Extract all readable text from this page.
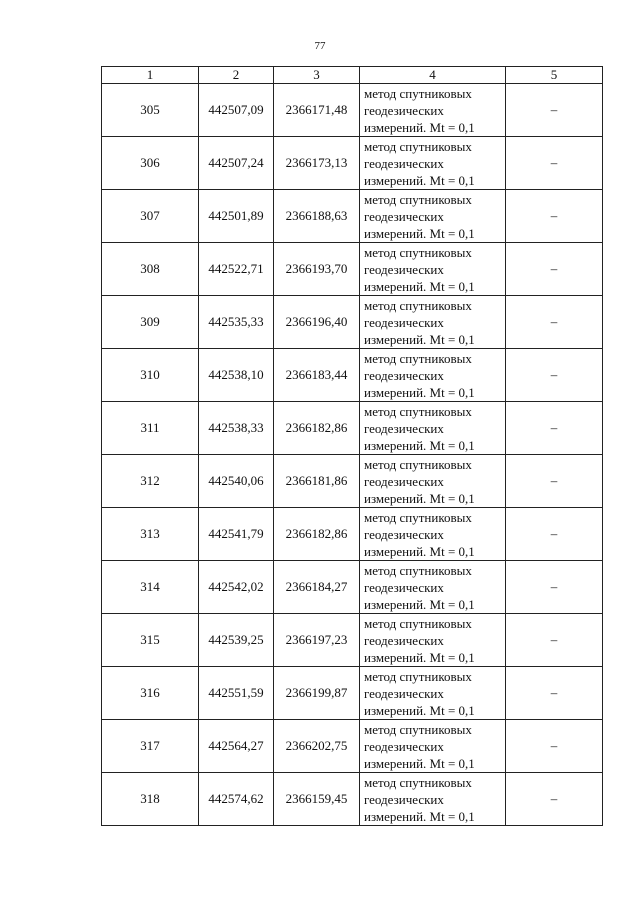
77
1	2	3	4	5
305	442507,09	2366171,48	метод спутниковых
геодезических
измерений. Mt = 0,1	–
306	442507,24	2366173,13	метод спутниковых
геодезических
измерений. Mt = 0,1	–
307	442501,89	2366188,63	метод спутниковых
геодезических
измерений. Mt = 0,1	–
308	442522,71	2366193,70	метод спутниковых
геодезических
измерений. Mt = 0,1	–
309	442535,33	2366196,40	метод спутниковых
геодезических
измерений. Mt = 0,1	–
310	442538,10	2366183,44	метод спутниковых
геодезических
измерений. Mt = 0,1	–
311	442538,33	2366182,86	метод спутниковых
геодезических
измерений. Mt = 0,1	–
312	442540,06	2366181,86	метод спутниковых
геодезических
измерений. Mt = 0,1	–
313	442541,79	2366182,86	метод спутниковых
геодезических
измерений. Mt = 0,1	–
314	442542,02	2366184,27	метод спутниковых
геодезических
измерений. Mt = 0,1	–
315	442539,25	2366197,23	метод спутниковых
геодезических
измерений. Mt = 0,1	–
316	442551,59	2366199,87	метод спутниковых
геодезических
измерений. Mt = 0,1	–
317	442564,27	2366202,75	метод спутниковых
геодезических
измерений. Mt = 0,1	–
318	442574,62	2366159,45	метод спутниковых
геодезических
измерений. Mt = 0,1	–
